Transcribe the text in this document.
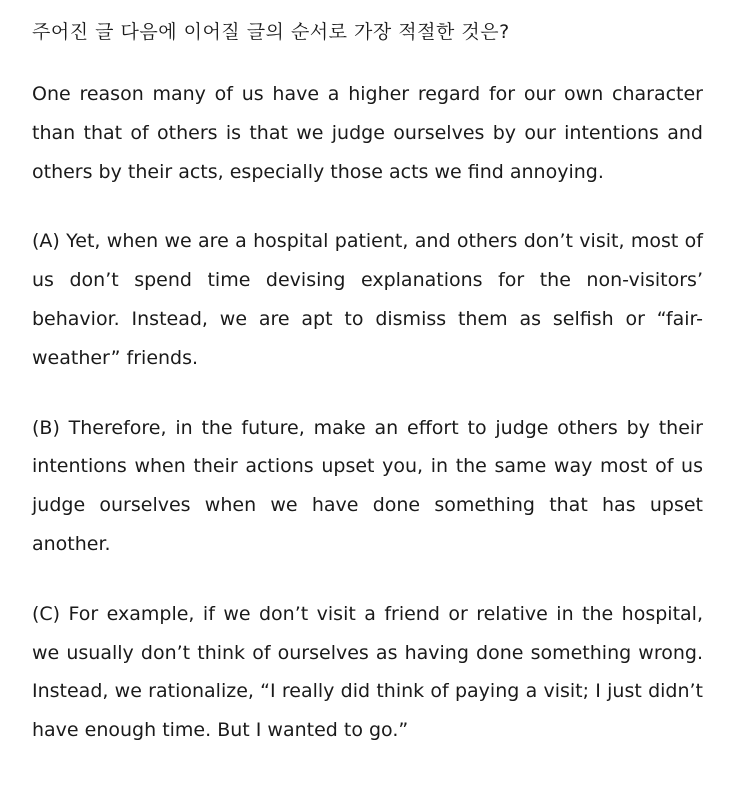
주어진 글 다음에 이어질 글의 순서로 가장 적절한 것은?

One reason many of us have a higher regard for our own character than that of others is that we judge ourselves by our intentions and others by their acts, especially those acts we find annoying.

(A) Yet, when we are a hospital patient, and others don’t visit, most of us don’t spend time devising explanations for the non-visitors’ behavior. Instead, we are apt to dismiss them as selfish or “fair-weather” friends.

(B) Therefore, in the future, make an effort to judge others by their intentions when their actions upset you, in the same way most of us judge ourselves when we have done something that has upset another.

(C) For example, if we don’t visit a friend or relative in the hospital, we usually don’t think of ourselves as having done something wrong. Instead, we rationalize, “I really did think of paying a visit; I just didn’t have enough time. But I wanted to go.”
